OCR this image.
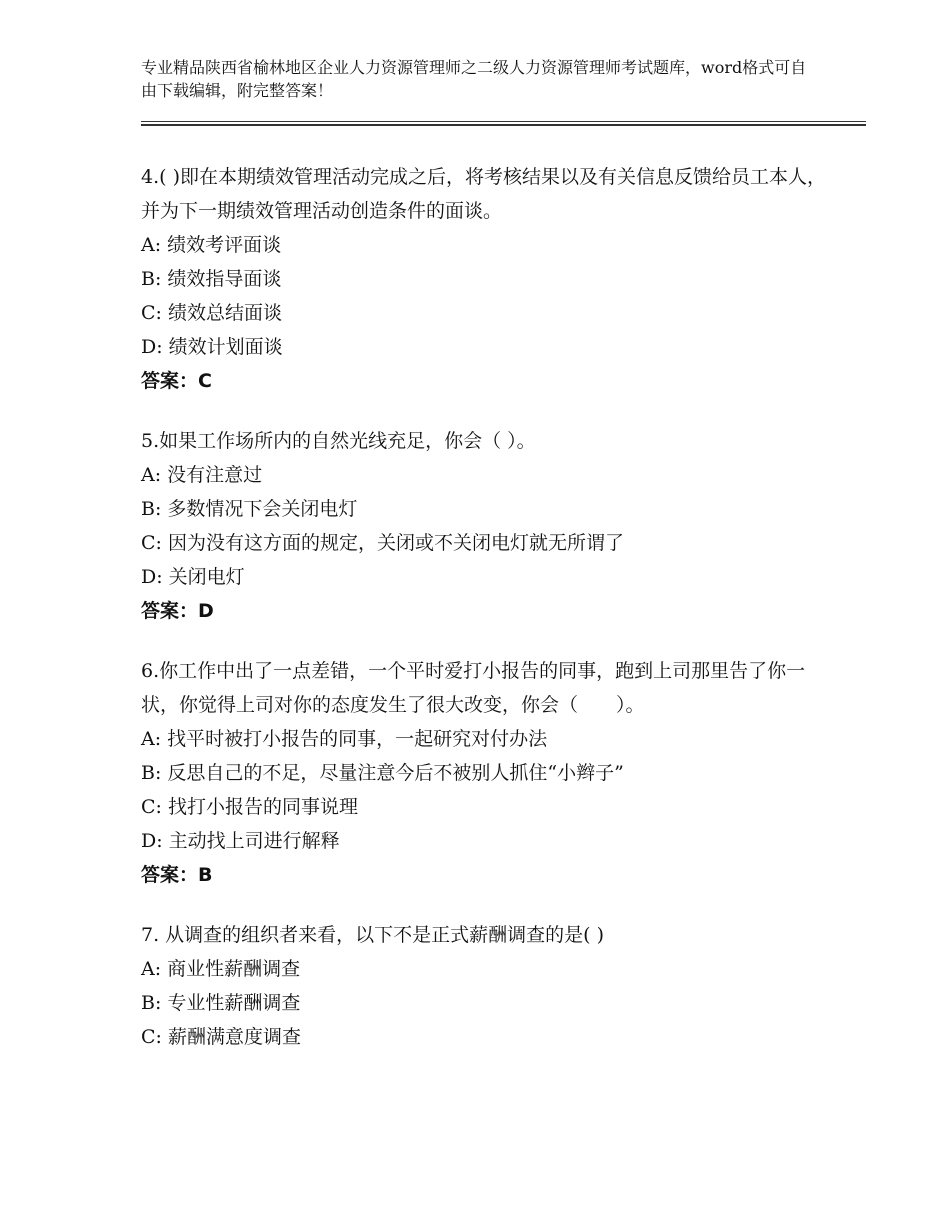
专业精品陕西省榆林地区企业人力资源管理师之二级人力资源管理师考试题库，word格式可自由下载编辑，附完整答案！

4.( )即在本期绩效管理活动完成之后，将考核结果以及有关信息反馈给员工本人，并为下一期绩效管理活动创造条件的面谈。

A: 绩效考评面谈

B: 绩效指导面谈

C: 绩效总结面谈

D: 绩效计划面谈

答案：C

5.如果工作场所内的自然光线充足，你会（ ）。

A: 没有注意过

B: 多数情况下会关闭电灯

C: 因为没有这方面的规定，关闭或不关闭电灯就无所谓了

D: 关闭电灯

答案：D

6.你工作中出了一点差错，一个平时爱打小报告的同事，跑到上司那里告了你一状，你觉得上司对你的态度发生了很大改变，你会（　　）。

A: 找平时被打小报告的同事，一起研究对付办法

B: 反思自己的不足，尽量注意今后不被别人抓住“小辫子”

C: 找打小报告的同事说理

D: 主动找上司进行解释

答案：B

7. 从调查的组织者来看，以下不是正式薪酬调查的是( )

A: 商业性薪酬调查

B: 专业性薪酬调查

C: 薪酬满意度调查
